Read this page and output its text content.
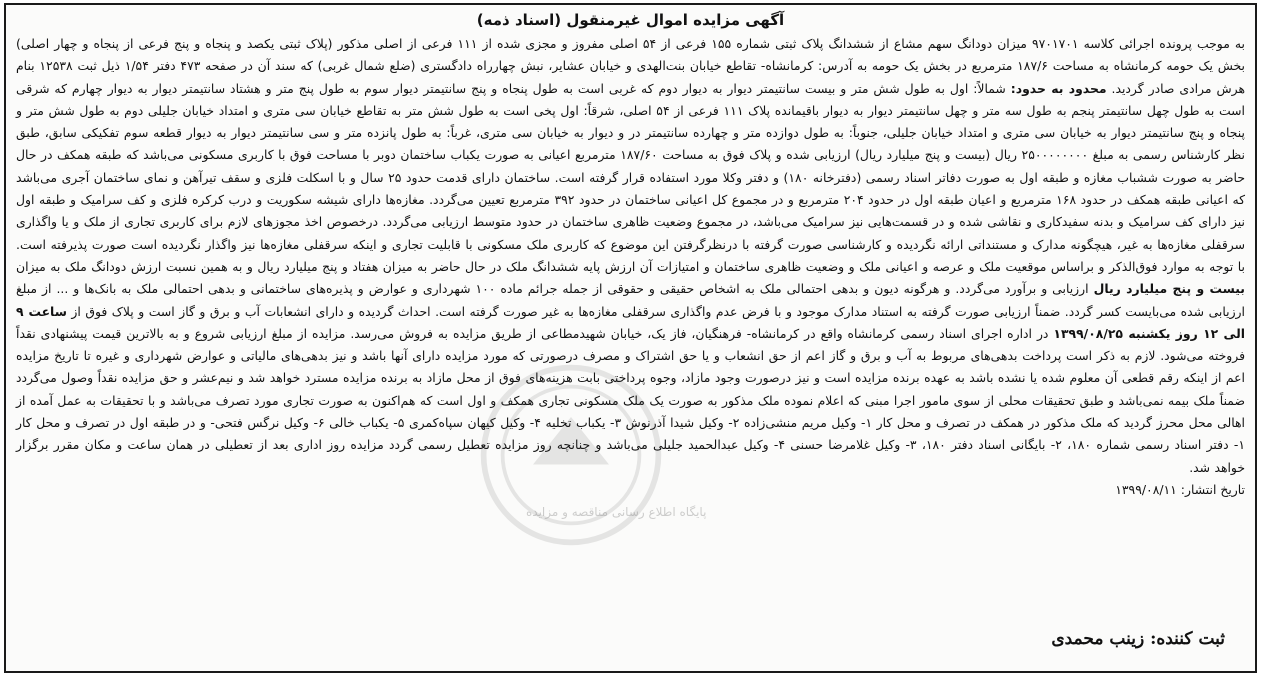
آگهی مزایده اموال غیرمنقول (اسناد ذمه)

به موجب پرونده اجرائی کلاسه ۹۷۰۱۷۰۱ میزان دودانگ سهم مشاع از ششدانگ پلاک ثبتی شماره ۱۵۵ فرعی از ۵۴ اصلی مفروز و مجزی شده از ۱۱۱ فرعی از اصلی مذکور (پلاک ثبتی یکصد و پنجاه و پنج فرعی از پنجاه و چهار اصلی) بخش یک حومه کرمانشاه به مساحت ۱۸۷/۶ مترمربع در بخش یک حومه به آدرس: کرمانشاه- تقاطع خیابان بنت‌الهدی و خیابان عشایر، نبش چهارراه دادگستری (ضلع شمال غربی) که سند آن در صفحه ۴۷۳ دفتر ۱/۵۴ ذیل ثبت ۱۲۵۳۸ بنام هرش مرادی صادر گردید. محدود به حدود: شمالاً: اول به طول شش متر و بیست سانتیمتر دیوار به دیوار دوم که غربی است به طول پنجاه و پنج سانتیمتر دیوار سوم به طول پنج متر و هشتاد سانتیمتر دیوار به دیوار چهارم که شرقی است به طول چهل سانتیمتر پنجم به طول سه متر و چهل سانتیمتر دیوار به دیوار باقیمانده پلاک ۱۱۱ فرعی از ۵۴ اصلی، شرقاً: اول پخی است به طول شش متر به تقاطع خیابان سی متری و امتداد خیابان جلیلی دوم به طول شش متر و پنجاه و پنج سانتیمتر دیوار به خیابان سی متری و امتداد خیابان جلیلی، جنوباً: به طول دوازده متر و چهارده سانتیمتر در و دیوار به خیابان سی متری، غرباً: به طول پانزده متر و سی سانتیمتر دیوار به دیوار قطعه سوم تفکیکی سابق، طبق نظر کارشناس رسمی به مبلغ ۲۵۰۰۰۰۰۰۰۰ ریال (بیست و پنج میلیارد ریال) ارزیابی شده و پلاک فوق به مساحت ۱۸۷/۶۰ مترمربع اعیانی به صورت یکباب ساختمان دوبر با مساحت فوق با کاربری مسکونی می‌باشد که طبقه همکف در حال حاضر به صورت ششباب مغازه و طبقه اول به صورت دفاتر اسناد رسمی (دفترخانه ۱۸۰) و دفتر وکلا مورد استفاده قرار گرفته است. ساختمان دارای قدمت حدود ۲۵ سال و با اسکلت فلزی و سقف تیرآهن و نمای ساختمان آجری می‌باشد که اعیانی طبقه همکف در حدود ۱۶۸ مترمربع و اعیان طبقه اول در حدود ۲۰۴ مترمربع و در مجموع کل اعیانی ساختمان در حدود ۳۹۲ مترمربع تعیین می‌گردد. مغازه‌ها دارای شیشه سکوریت و درب کرکره فلزی و کف سرامیک و طبقه اول نیز دارای کف سرامیک و بدنه سفیدکاری و نقاشی شده و در قسمت‌هایی نیز سرامیک می‌باشد، در مجموع وضعیت ظاهری ساختمان در حدود متوسط ارزیابی می‌گردد. درخصوص اخذ مجوزهای لازم برای کاربری تجاری از ملک و یا واگذاری سرقفلی مغازه‌ها به غیر، هیچگونه مدارک و مستنداتی ارائه نگردیده و کارشناسی صورت گرفته با درنظرگرفتن این موضوع که کاربری ملک مسکونی با قابلیت تجاری و اینکه سرقفلی مغازه‌ها نیز واگذار نگردیده است صورت پذیرفته است. با توجه به موارد فوق‌الذکر و براساس موقعیت ملک و عرصه و اعیانی ملک و وضعیت ظاهری ساختمان و امتیازات آن ارزش پایه ششدانگ ملک در حال حاضر به میزان هفتاد و پنج میلیارد ریال و به همین نسبت ارزش دودانگ ملک به میزان بیست و پنج میلیارد ریال ارزیابی و برآورد می‌گردد. و هرگونه دیون و بدهی احتمالی ملک به اشخاص حقیقی و حقوقی از جمله جرائم ماده ۱۰۰ شهرداری و عوارض و پذیره‌های ساختمانی و بدهی احتمالی ملک به بانک‌ها و ... از مبلغ ارزیابی شده می‌بایست کسر گردد. ضمناً ارزیابی صورت گرفته به استناد مدارک موجود و با فرض عدم واگذاری سرقفلی مغازه‌ها به غیر صورت گرفته است. احداث گردیده و دارای انشعابات آب و برق و گاز است و پلاک فوق از ساعت ۹ الی ۱۲ روز یکشنبه ۱۳۹۹/۰۸/۲۵ در اداره اجرای اسناد رسمی کرمانشاه واقع در کرمانشاه- فرهنگیان، فاز یک، خیابان شهیدمطاعی از طریق مزایده به فروش می‌رسد. مزایده از مبلغ ارزیابی شروع و به بالاترین قیمت پیشنهادی نقداً فروخته می‌شود. لازم به ذکر است پرداخت بدهی‌های مربوط به آب و برق و گاز اعم از حق انشعاب و یا حق اشتراک و مصرف درصورتی که مورد مزایده دارای آنها باشد و نیز بدهی‌های مالیاتی و عوارض شهرداری و غیره تا تاریخ مزایده اعم از اینکه رقم قطعی آن معلوم شده یا نشده باشد به عهده برنده مزایده است و نیز درصورت وجود مازاد، وجوه پرداختی بابت هزینه‌های فوق از محل مازاد به برنده مزایده مسترد خواهد شد و نیم‌عشر و حق مزایده نقداً وصول می‌گردد ضمناً ملک بیمه نمی‌باشد و طبق تحقیقات محلی از سوی مامور اجرا مبنی که اعلام نموده ملک مذکور به صورت یک ملک مسکونی تجاری همکف و اول است که هم‌اکنون به صورت تجاری مورد تصرف می‌باشد و با تحقیقات به عمل آمده از اهالی محل محرز گردید که ملک مذکور در همکف در تصرف و محل کار ۱- وکیل مریم منشی‌زاده ۲- وکیل شیدا آذرنوش ۳- یکباب تخلیه ۴- وکیل کیهان سپاه‌کمری ۵- یکباب خالی ۶- وکیل نرگس فتحی- و در طبقه اول در تصرف و محل کار ۱- دفتر اسناد رسمی شماره ۱۸۰، ۲- بایگانی اسناد دفتر ۱۸۰، ۳- وکیل غلامرضا حسنی ۴- وکیل عبدالحمید جلیلی می‌باشد و چنانچه روز مزایده تعطیل رسمی گردد مزایده روز اداری بعد از تعطیلی در همان ساعت و مکان مقرر برگزار خواهد شد.

تاریخ انتشار: ۱۳۹۹/۰۸/۱۱
پایگاه اطلاع رسانی مناقصه و مزایده
ثبت کننده: زینب محمدی
